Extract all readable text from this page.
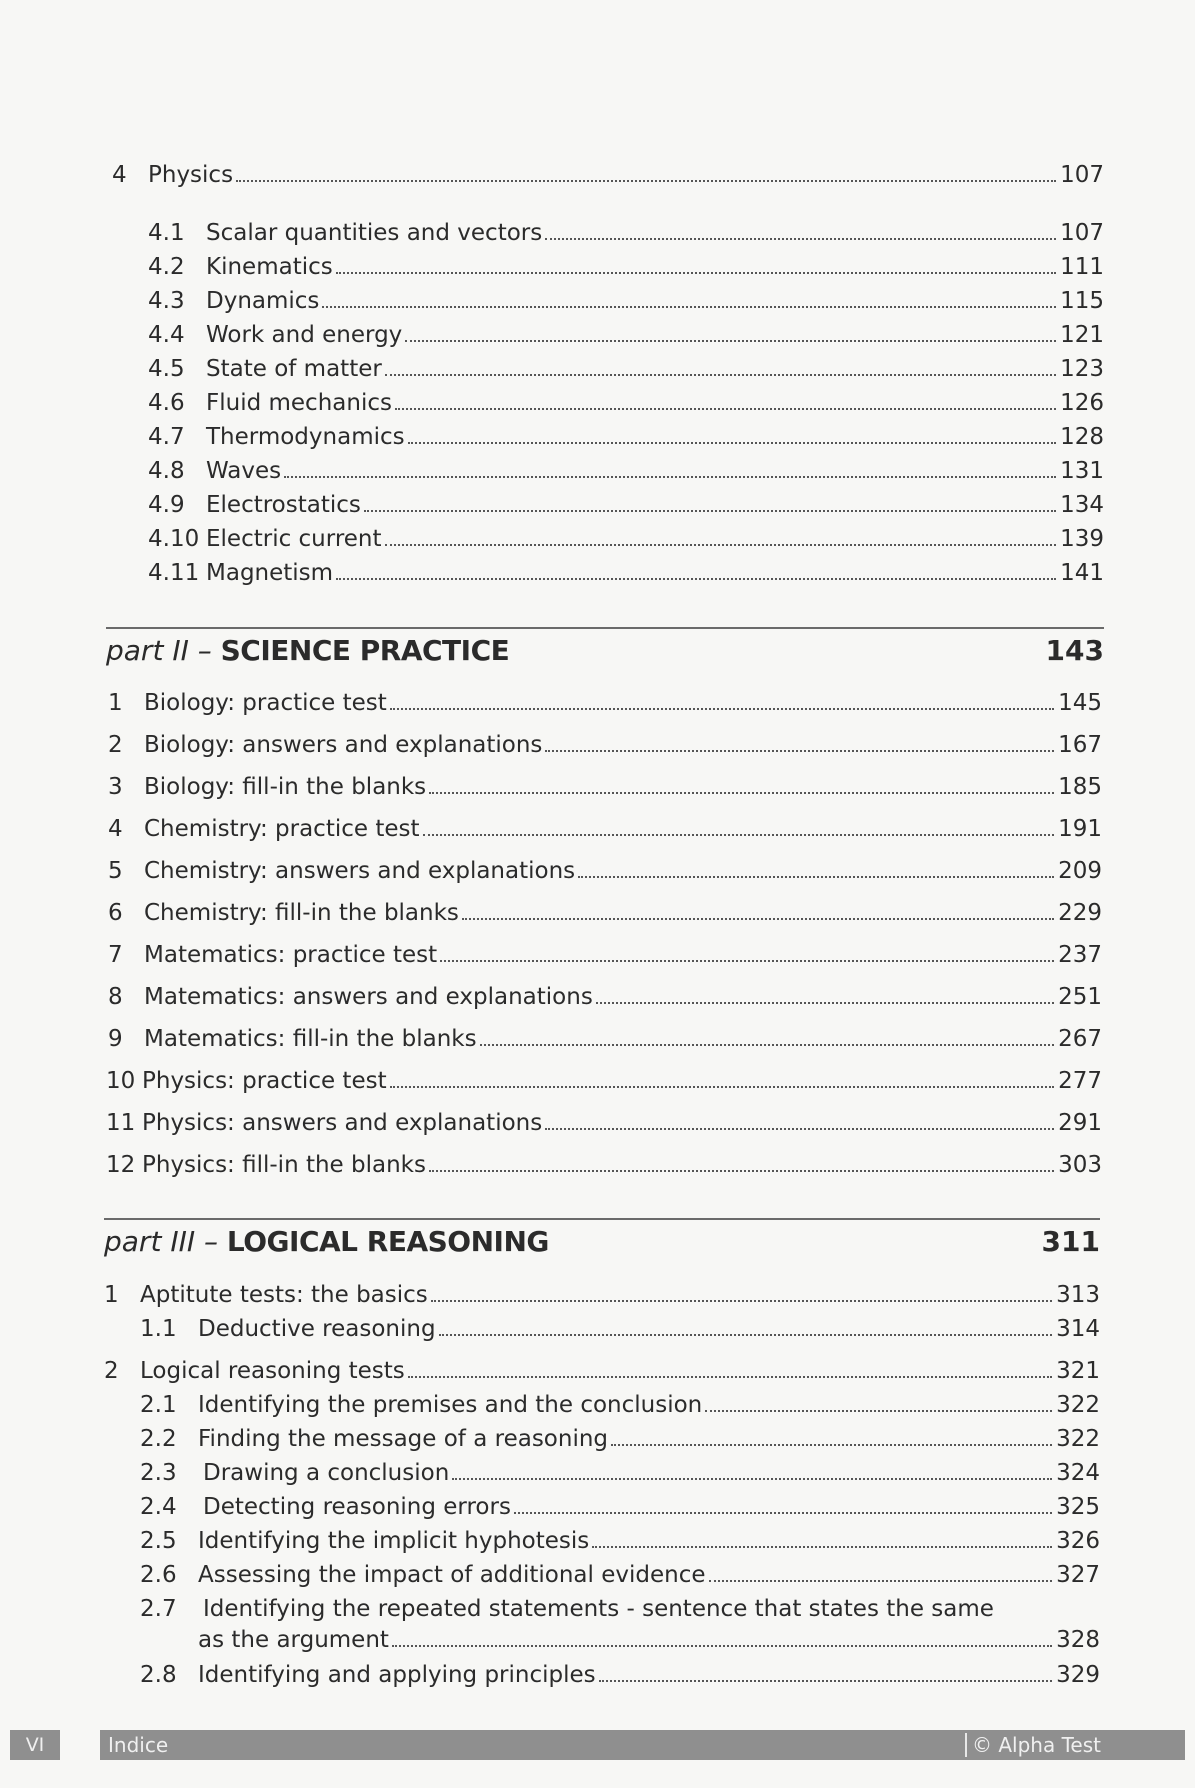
4 Physics	107
4.1 Scalar quantities and vectors	107
4.2 Kinematics	111
4.3 Dynamics	115
4.4 Work and energy	121
4.5 State of matter	123
4.6 Fluid mechanics	126
4.7 Thermodynamics	128
4.8 Waves	131
4.9 Electrostatics	134
4.10 Electric current	139
4.11 Magnetism	141
part II – SCIENCE PRACTICE	143
1 Biology: practice test	145
2 Biology: answers and explanations	167
3 Biology: fill-in the blanks	185
4 Chemistry: practice test	191
5 Chemistry: answers and explanations	209
6 Chemistry: fill-in the blanks	229
7 Matematics: practice test	237
8 Matematics: answers and explanations	251
9 Matematics: fill-in the blanks	267
10 Physics: practice test	277
11 Physics: answers and explanations	291
12 Physics: fill-in the blanks	303
part III – LOGICAL REASONING	311
1 Aptitute tests: the basics	313
1.1 Deductive reasoning	314
2 Logical reasoning tests	321
2.1 Identifying the premises and the conclusion	322
2.2 Finding the message of a reasoning	322
2.3	Drawing a conclusion	324
2.4	Detecting reasoning errors	325
2.5 Identifying the implicit hyphotesis	326
2.6 Assessing the impact of additional evidence	327
2.7 Identifying the repeated statements - sentence that states the same
as the argument	328
2.8 Identifying and applying principles	329
VI	Indice	© Alpha Test
